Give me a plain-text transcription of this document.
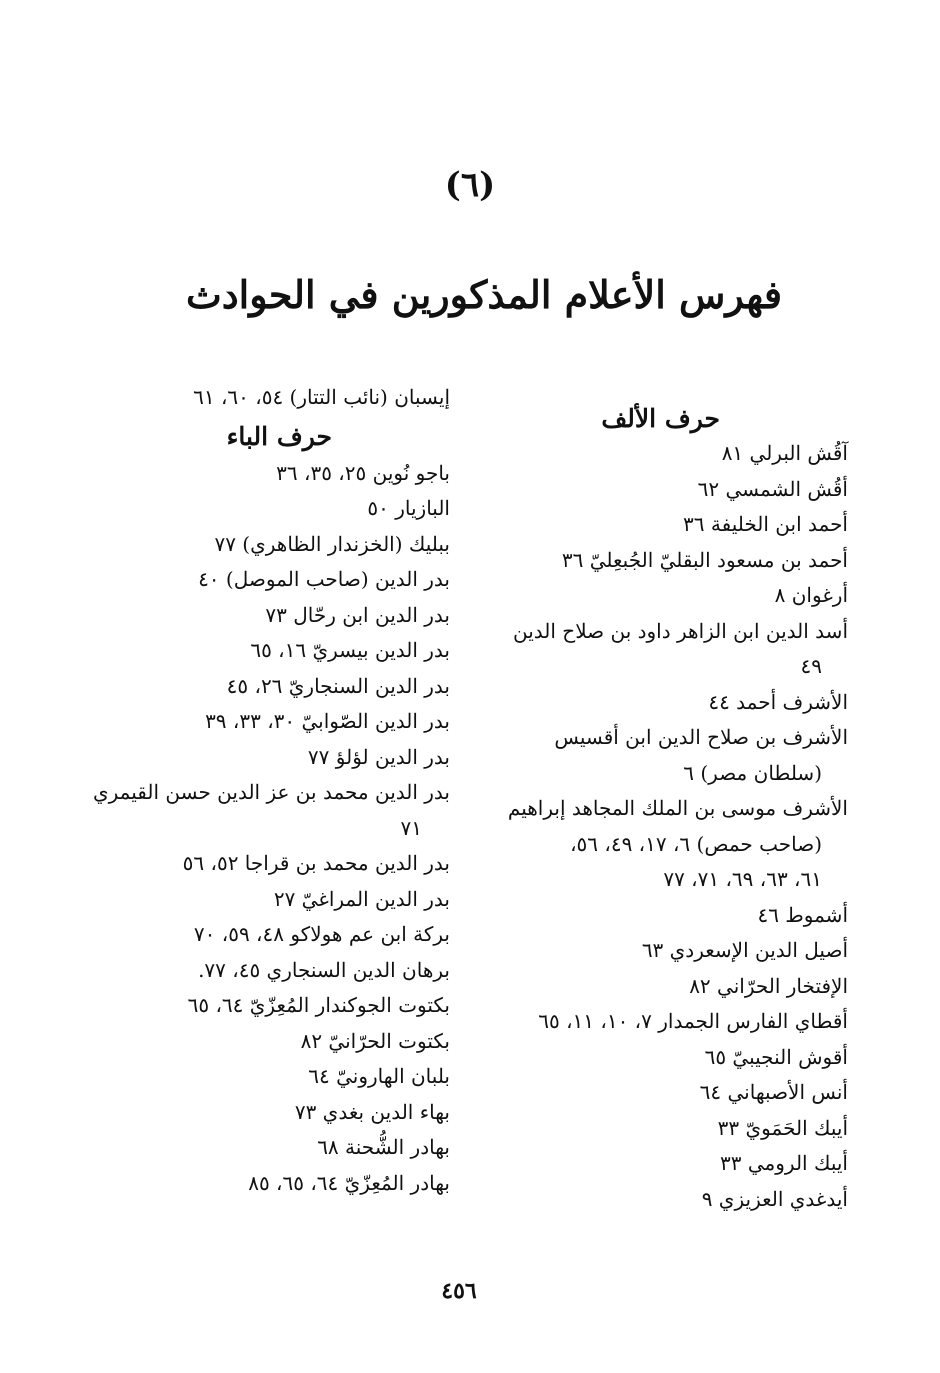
(٦)
فهرس الأعلام المذكورين في الحوادث
حرف الألف
آقُش البرلي ٨١
أقُش الشمسي ٦٢
أحمد ابن الخليفة ٣٦
أحمد بن مسعود البقليّ الجُبعِليّ ٣٦
أرغوان ٨
أسد الدين ابن الزاهر داود بن صلاح الدين
٤٩
الأشرف أحمد ٤٤
الأشرف بن صلاح الدين ابن أقسيس
(سلطان مصر) ٦
الأشرف موسى بن الملك المجاهد إبراهيم
(صاحب حمص) ٦، ١٧، ٤٩، ٥٦،
٦١، ٦٣، ٦٩، ٧١، ٧٧
أشموط ٤٦
أصيل الدين الإسعردي ٦٣
الإفتخار الحرّاني ٨٢
أقطاي الفارس الجمدار ٧، ١٠، ١١، ٦٥
أقوش النجيبيّ ٦٥
أنس الأصبهاني ٦٤
أيبك الحَمَويّ ٣٣
أيبك الرومي ٣٣
أيدغدي العزيزي ٩
إيسبان (نائب التتار) ٥٤، ٦٠، ٦١
حرف الباء
باجو نُوين ٢٥، ٣٥، ٣٦
البازيار ٥٠
ببليك (الخزندار الظاهري) ٧٧
بدر الدين (صاحب الموصل) ٤٠
بدر الدين ابن رحّال ٧٣
بدر الدين بيسريّ ١٦، ٦٥
بدر الدين السنجاريّ ٢٦، ٤٥
بدر الدين الصّوابيّ ٣٠، ٣٣، ٣٩
بدر الدين لؤلؤ ٧٧
بدر الدين محمد بن عز الدين حسن القيمري
٧١
بدر الدين محمد بن قراجا ٥٢، ٥٦
بدر الدين المراغيّ ٢٧
بركة ابن عم هولاكو ٤٨، ٥٩، ٧٠
برهان الدين السنجاري ٤٥، ٧٧.
بكتوت الجوكندار المُعِزّيّ ٦٤، ٦٥
بكتوت الحرّانيّ ٨٢
بلبان الهارونيّ ٦٤
بهاء الدين بغدي ٧٣
بهادر الشُّحنة ٦٨
بهادر المُعِزّيّ ٦٤، ٦٥، ٨٥
٤٥٦
